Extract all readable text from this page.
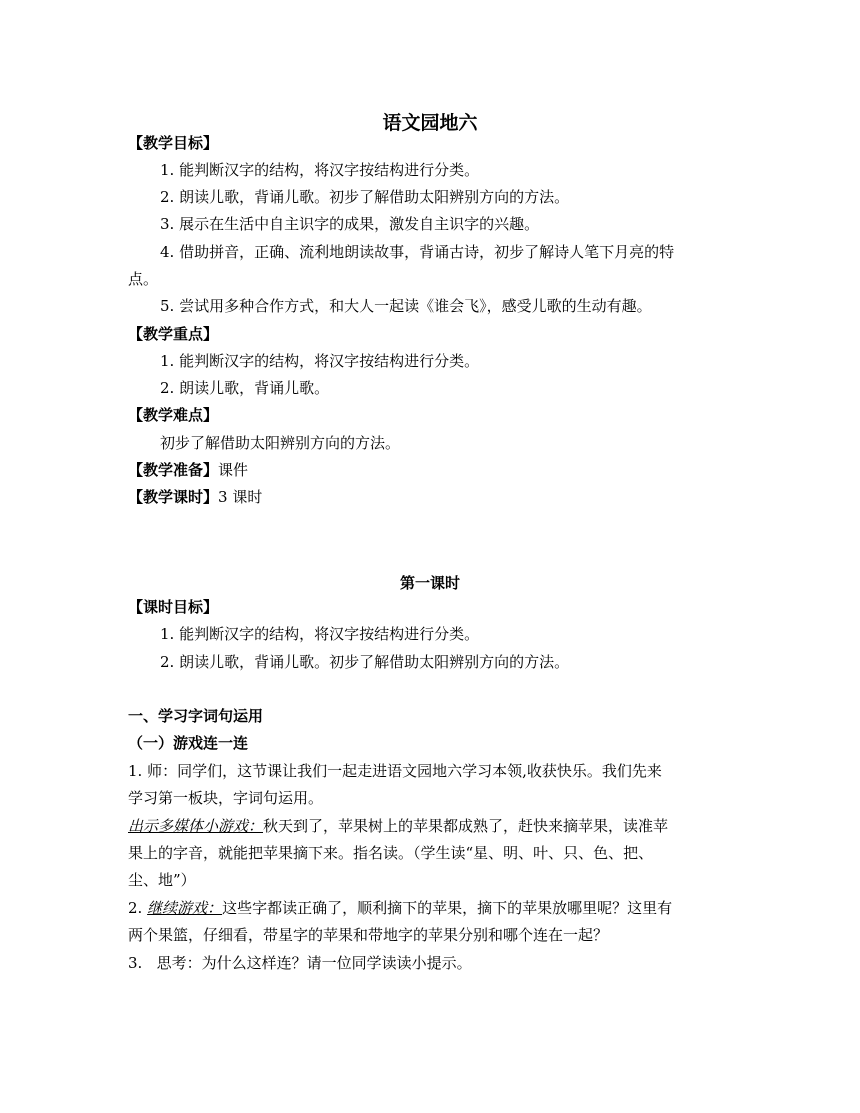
语文园地六
【教学目标】
1. 能判断汉字的结构，将汉字按结构进行分类。
2. 朗读儿歌，背诵儿歌。初步了解借助太阳辨别方向的方法。
3. 展示在生活中自主识字的成果，激发自主识字的兴趣。
4. 借助拼音，正确、流利地朗读故事，背诵古诗，初步了解诗人笔下月亮的特
点。
5. 尝试用多种合作方式，和大人一起读《谁会飞》，感受儿歌的生动有趣。
【教学重点】
1. 能判断汉字的结构，将汉字按结构进行分类。
2. 朗读儿歌，背诵儿歌。
【教学难点】
初步了解借助太阳辨别方向的方法。
【教学准备】课件
【教学课时】3 课时
第一课时
【课时目标】
1. 能判断汉字的结构，将汉字按结构进行分类。
2. 朗读儿歌，背诵儿歌。初步了解借助太阳辨别方向的方法。
一、学习字词句运用
（一）游戏连一连
1. 师：同学们，这节课让我们一起走进语文园地六学习本领,收获快乐。我们先来
学习第一板块，字词句运用。
出示多媒体小游戏：秋天到了，苹果树上的苹果都成熟了，赶快来摘苹果，读准苹
果上的字音，就能把苹果摘下来。指名读。（学生读“星、明、叶、只、色、把、
尘、地”）
2. 继续游戏：这些字都读正确了，顺利摘下的苹果，摘下的苹果放哪里呢？这里有
两个果篮，仔细看，带星字的苹果和带地字的苹果分别和哪个连在一起？
3.   思考：为什么这样连？请一位同学读读小提示。
